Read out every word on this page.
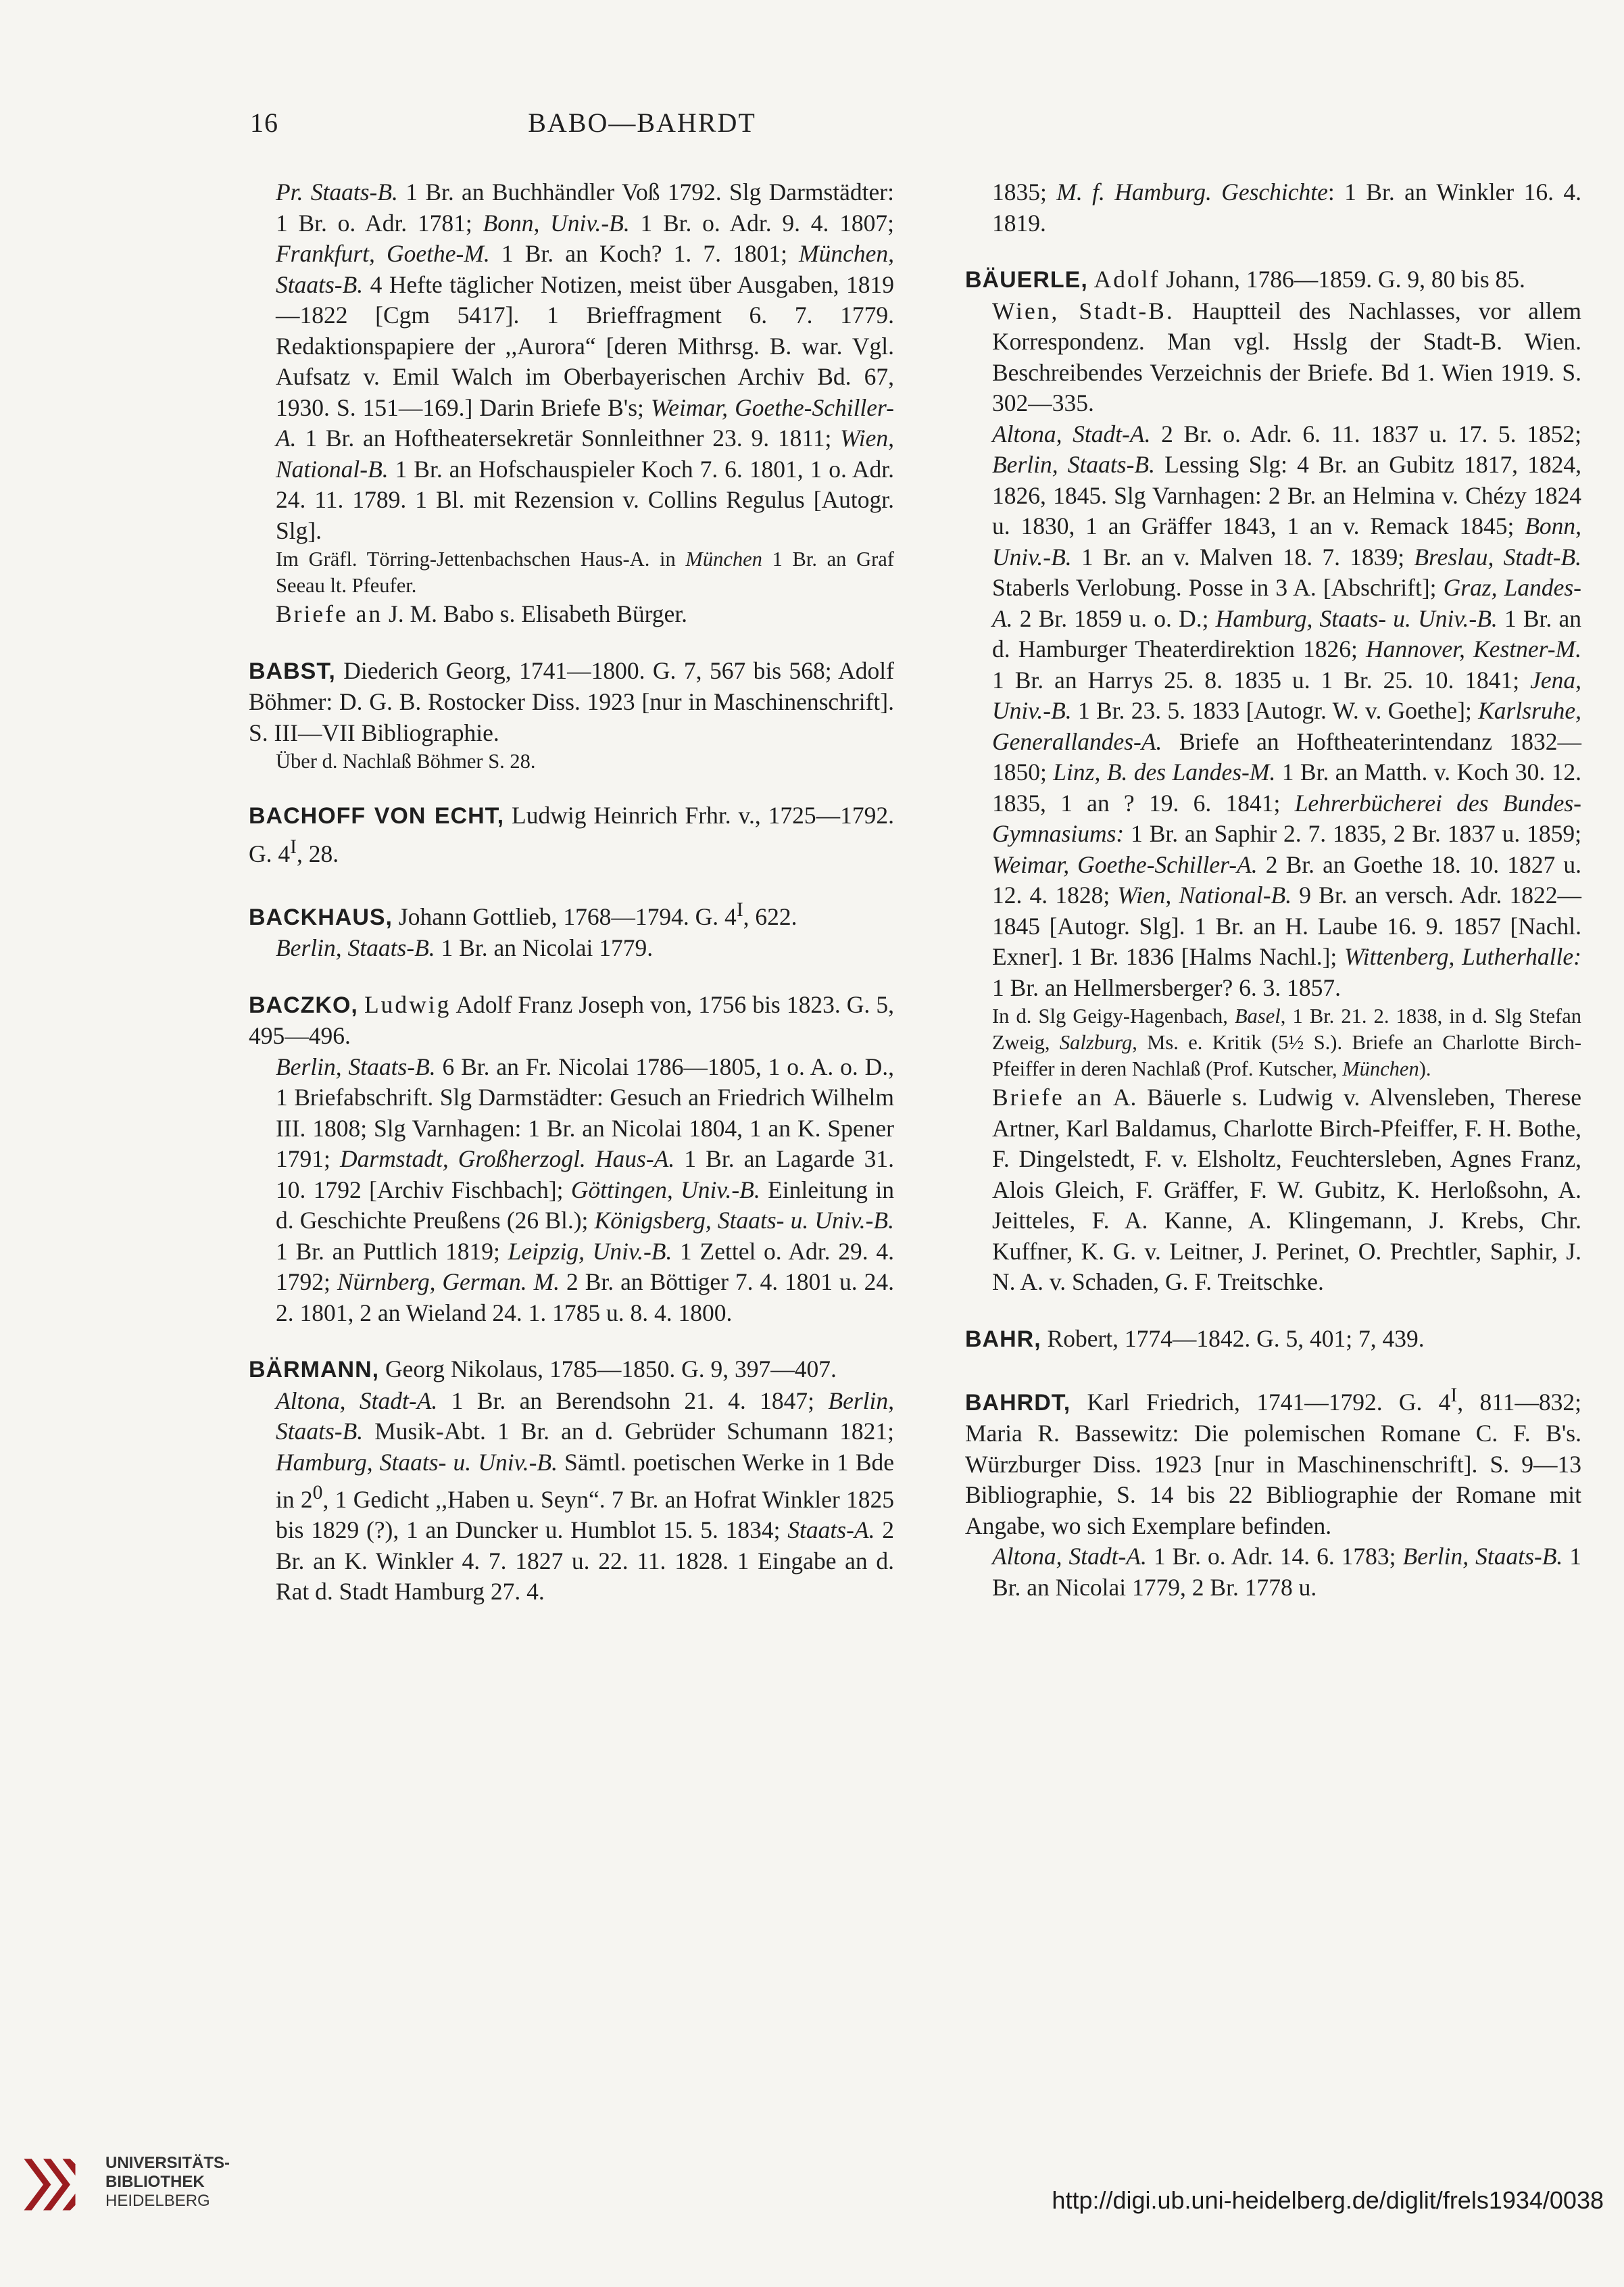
16	BABO—BAHRDT

Pr. Staats-B. 1 Br. an Buchhändler Voß 1792. Slg Darmstädter: 1 Br. o. Adr. 1781; Bonn, Univ.-B. 1 Br. o. Adr. 9. 4. 1807; Frankfurt, Goethe-M. 1 Br. an Koch? 1. 7. 1801; München, Staats-B. 4 Hefte täglicher Notizen, meist über Ausgaben, 1819—1822 [Cgm 5417]. 1 Brieffragment 6. 7. 1779. Redaktionspapiere der ,,Aurora“ [deren Mithrsg. B. war. Vgl. Aufsatz v. Emil Walch im Oberbayerischen Archiv Bd. 67, 1930. S. 151—169.] Darin Briefe B's; Weimar, Goethe-Schiller-A. 1 Br. an Hoftheatersekretär Sonnleithner 23. 9. 1811; Wien, National-B. 1 Br. an Hofschauspieler Koch 7. 6. 1801, 1 o. Adr. 24. 11. 1789. 1 Bl. mit Rezension v. Collins Regulus [Autogr. Slg].

Im Gräfl. Törring-Jettenbachschen Haus-A. in München 1 Br. an Graf Seeau lt. Pfeufer.

Briefe an J. M. Babo s. Elisabeth Bürger.

BABST, Diederich Georg, 1741—1800. G. 7, 567 bis 568; Adolf Böhmer: D. G. B. Rostocker Diss. 1923 [nur in Maschinenschrift]. S. III—VII Bibliographie.

Über d. Nachlaß Böhmer S. 28.

BACHOFF VON ECHT, Ludwig Heinrich Frhr. v., 1725—1792. G. $4^I$, 28.

BACKHAUS, Johann Gottlieb, 1768—1794. G. $4^I$, 622.

Berlin, Staats-B. 1 Br. an Nicolai 1779.

BACZKO, Ludwig Adolf Franz Joseph von, 1756 bis 1823. G. 5, 495—496.

Berlin, Staats-B. 6 Br. an Fr. Nicolai 1786—1805, 1 o. A. o. D., 1 Briefabschrift. Slg Darmstädter: Gesuch an Friedrich Wilhelm III. 1808; Slg Varnhagen: 1 Br. an Nicolai 1804, 1 an K. Spener 1791; Darmstadt, Großherzogl. Haus-A. 1 Br. an Lagarde 31. 10. 1792 [Archiv Fischbach]; Göttingen, Univ.-B. Einleitung in d. Geschichte Preußens (26 Bl.); Königsberg, Staats- u. Univ.-B. 1 Br. an Puttlich 1819; Leipzig, Univ.-B. 1 Zettel o. Adr. 29. 4. 1792; Nürnberg, German. M. 2 Br. an Böttiger 7. 4. 1801 u. 24. 2. 1801, 2 an Wieland 24. 1. 1785 u. 8. 4. 1800.

BÄRMANN, Georg Nikolaus, 1785—1850. G. 9, 397—407.

Altona, Stadt-A. 1 Br. an Berendsohn 21. 4. 1847; Berlin, Staats-B. Musik-Abt. 1 Br. an d. Gebrüder Schumann 1821; Hamburg, Staats- u. Univ.-B. Sämtl. poetischen Werke in 1 Bde in $2^0$, 1 Gedicht ,,Haben u. Seyn“. 7 Br. an Hofrat Winkler 1825 bis 1829 (?), 1 an Duncker u. Humblot 15. 5. 1834; Staats-A. 2 Br. an K. Winkler 4. 7. 1827 u. 22. 11. 1828. 1 Eingabe an d. Rat d. Stadt Hamburg 27. 4.

1835; M. f. Hamburg. Geschichte: 1 Br. an Winkler 16. 4. 1819.

BÄUERLE, Adolf Johann, 1786—1859. G. 9, 80 bis 85.

Wien, Stadt-B. Hauptteil des Nachlasses, vor allem Korrespondenz. Man vgl. Hsslg der Stadt-B. Wien. Beschreibendes Verzeichnis der Briefe. Bd 1. Wien 1919. S. 302—335.

Altona, Stadt-A. 2 Br. o. Adr. 6. 11. 1837 u. 17. 5. 1852; Berlin, Staats-B. Lessing Slg: 4 Br. an Gubitz 1817, 1824, 1826, 1845. Slg Varnhagen: 2 Br. an Helmina v. Chézy 1824 u. 1830, 1 an Gräffer 1843, 1 an v. Remack 1845; Bonn, Univ.-B. 1 Br. an v. Malven 18. 7. 1839; Breslau, Stadt-B. Staberls Verlobung. Posse in 3 A. [Abschrift]; Graz, Landes-A. 2 Br. 1859 u. o. D.; Hamburg, Staats- u. Univ.-B. 1 Br. an d. Hamburger Theaterdirektion 1826; Hannover, Kestner-M. 1 Br. an Harrys 25. 8. 1835 u. 1 Br. 25. 10. 1841; Jena, Univ.-B. 1 Br. 23. 5. 1833 [Autogr. W. v. Goethe]; Karlsruhe, Generallandes-A. Briefe an Hoftheaterintendanz 1832—1850; Linz, B. des Landes-M. 1 Br. an Matth. v. Koch 30. 12. 1835, 1 an ? 19. 6. 1841; Lehrerbücherei des Bundes-Gymnasiums: 1 Br. an Saphir 2. 7. 1835, 2 Br. 1837 u. 1859; Weimar, Goethe-Schiller-A. 2 Br. an Goethe 18. 10. 1827 u. 12. 4. 1828; Wien, National-B. 9 Br. an versch. Adr. 1822—1845 [Autogr. Slg]. 1 Br. an H. Laube 16. 9. 1857 [Nachl. Exner]. 1 Br. 1836 [Halms Nachl.]; Wittenberg, Lutherhalle: 1 Br. an Hellmersberger? 6. 3. 1857.

In d. Slg Geigy-Hagenbach, Basel, 1 Br. 21. 2. 1838, in d. Slg Stefan Zweig, Salzburg, Ms. e. Kritik (5½ S.). Briefe an Charlotte Birch-Pfeiffer in deren Nachlaß (Prof. Kutscher, München).

Briefe an A. Bäuerle s. Ludwig v. Alvensleben, Therese Artner, Karl Baldamus, Charlotte Birch-Pfeiffer, F. H. Bothe, F. Dingelstedt, F. v. Elsholtz, Feuchtersleben, Agnes Franz, Alois Gleich, F. Gräffer, F. W. Gubitz, K. Herloßsohn, A. Jeitteles, F. A. Kanne, A. Klingemann, J. Krebs, Chr. Kuffner, K. G. v. Leitner, J. Perinet, O. Prechtler, Saphir, J. N. A. v. Schaden, G. F. Treitschke.

BAHR, Robert, 1774—1842. G. 5, 401; 7, 439.

BAHRDT, Karl Friedrich, 1741—1792. G. $4^I$, 811—832; Maria R. Bassewitz: Die polemischen Romane C. F. B's. Würzburger Diss. 1923 [nur in Maschinenschrift]. S. 9—13 Bibliographie, S. 14 bis 22 Bibliographie der Romane mit Angabe, wo sich Exemplare befinden.

Altona, Stadt-A. 1 Br. o. Adr. 14. 6. 1783; Berlin, Staats-B. 1 Br. an Nicolai 1779, 2 Br. 1778 u.

UNIVERSITÄTS-
BIBLIOTHEK
HEIDELBERG	http://digi.ub.uni-heidelberg.de/diglit/frels1934/0038
